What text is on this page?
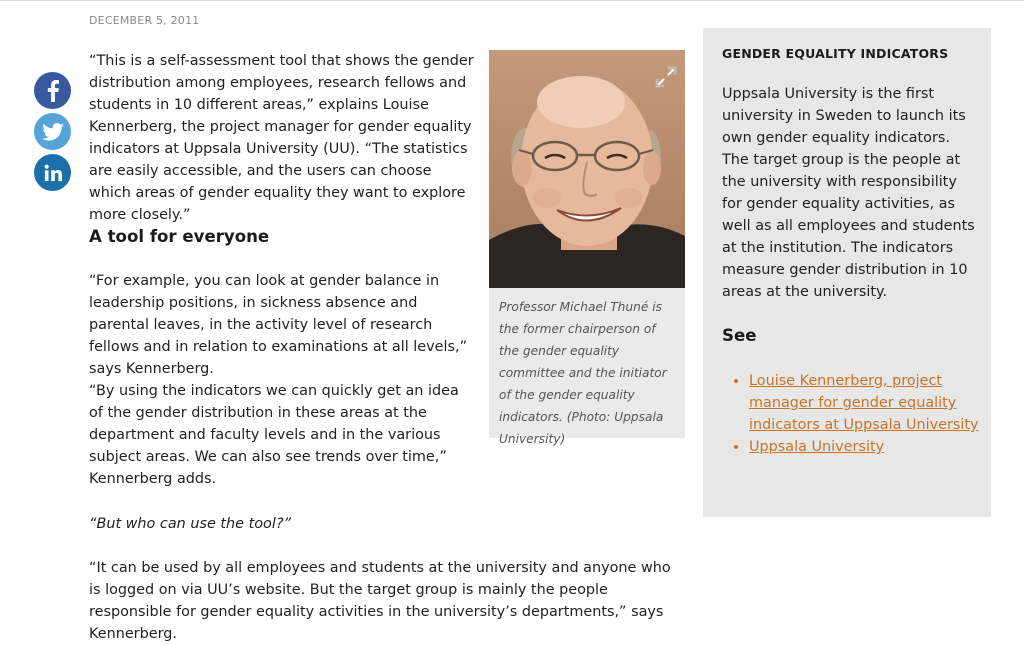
DECEMBER 5, 2011

“This is a self-assessment tool that shows the gender distribution among employees, research fellows and students in 10 different areas,” explains Louise Kennerberg, the project manager for gender equality indicators at Uppsala University (UU). “The statistics are easily accessible, and the users can choose which areas of gender equality they want to explore more closely.”

A tool for everyone

“For example, you can look at gender balance in leadership positions, in sickness absence and parental leaves, in the activity level of research fellows and in relation to examinations at all levels,” says Kennerberg.

“By using the indicators we can quickly get an idea of the gender distribution in these areas at the department and faculty levels and in the various subject areas. We can also see trends over time,” Kennerberg adds.

“But who can use the tool?”

“It can be used by all employees and students at the university and anyone who is logged on via UU’s website. But the target group is mainly the people responsible for gender equality activities in the university’s departments,” says Kennerberg.

Professor Michael Thuné is the former chairperson of the gender equality committee and the initiator of the gender equality indicators. (Photo: Uppsala University)

GENDER EQUALITY INDICATORS

Uppsala University is the first university in Sweden to launch its own gender equality indicators. The target group is the people at the university with responsibility for gender equality activities, as well as all employees and students at the institution. The indicators measure gender distribution in 10 areas at the university.

See
• Louise Kennerberg, project manager for gender equality indicators at Uppsala University
• Uppsala University
